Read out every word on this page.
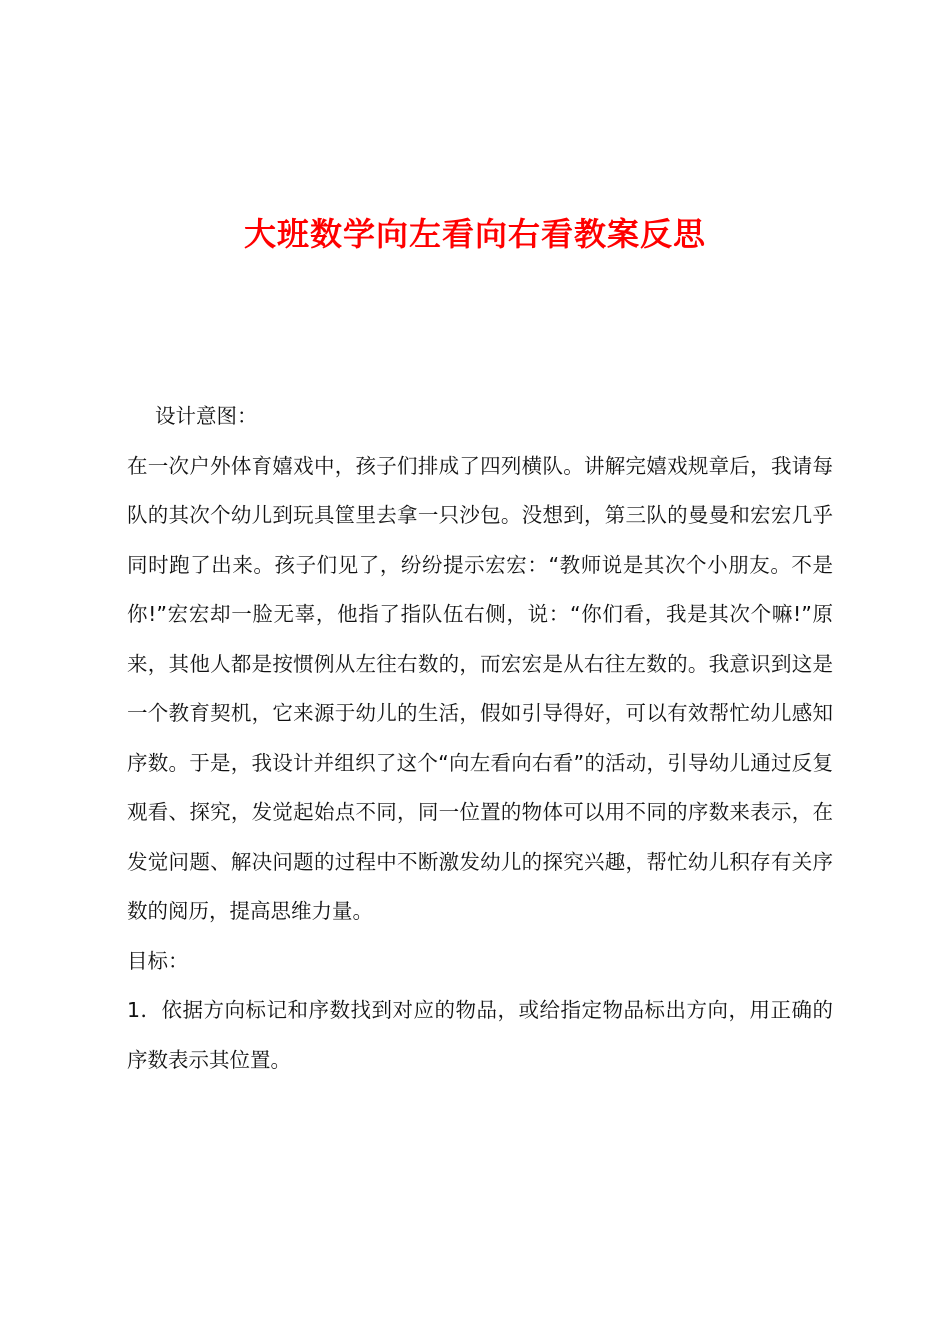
大班数学向左看向右看教案反思

设计意图：

在一次户外体育嬉戏中，孩子们排成了四列横队。讲解完嬉戏规章后，我请每队的其次个幼儿到玩具筐里去拿一只沙包。没想到，第三队的曼曼和宏宏几乎同时跑了出来。孩子们见了，纷纷提示宏宏：“教师说是其次个小朋友。不是你!”宏宏却一脸无辜，他指了指队伍右侧，说：“你们看，我是其次个嘛!”原来，其他人都是按惯例从左往右数的，而宏宏是从右往左数的。我意识到这是一个教育契机，它来源于幼儿的生活，假如引导得好，可以有效帮忙幼儿感知序数。于是，我设计并组织了这个“向左看向右看”的活动，引导幼儿通过反复观看、探究，发觉起始点不同，同一位置的物体可以用不同的序数来表示，在发觉问题、解决问题的过程中不断激发幼儿的探究兴趣，帮忙幼儿积存有关序数的阅历，提高思维力量。

目标：

1．依据方向标记和序数找到对应的物品，或给指定物品标出方向，用正确的序数表示其位置。
